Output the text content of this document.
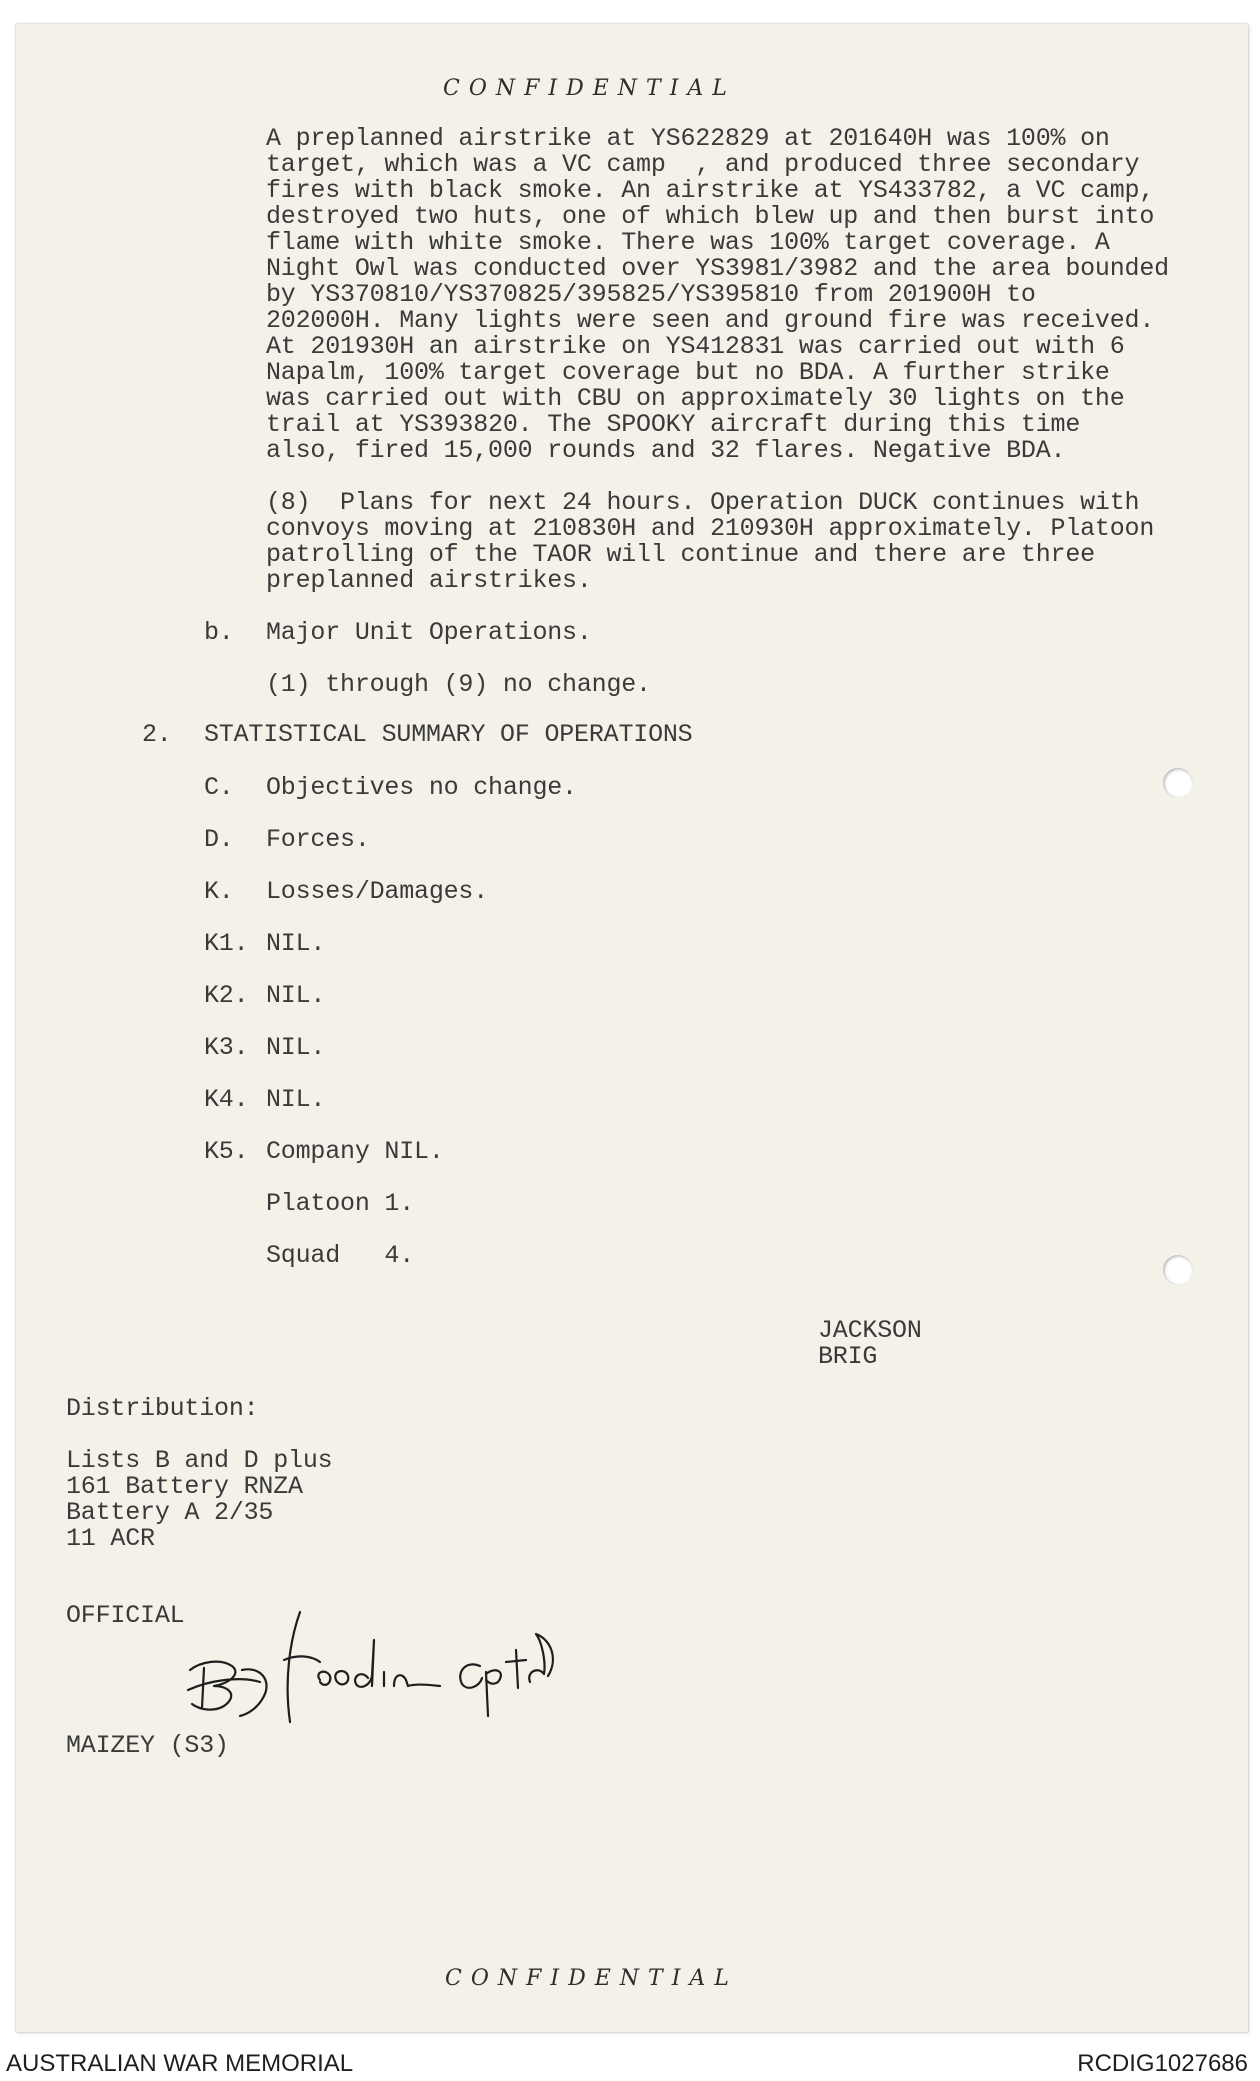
CONFIDENTIAL
CONFIDENTIAL
A preplanned airstrike at YS622829 at 201640H was 100% on
target, which was a VC camp  , and produced three secondary
fires with black smoke. An airstrike at YS433782, a VC camp,
destroyed two huts, one of which blew up and then burst into
flame with white smoke. There was 100% target coverage. A
Night Owl was conducted over YS3981/3982 and the area bounded
by YS370810/YS370825/395825/YS395810 from 201900H to
202000H. Many lights were seen and ground fire was received.
At 201930H an airstrike on YS412831 was carried out with 6
Napalm, 100% target coverage but no BDA. A further strike
was carried out with CBU on approximately 30 lights on the
trail at YS393820. The SPOOKY aircraft during this time
also, fired 15,000 rounds and 32 flares. Negative BDA.
(8)  Plans for next 24 hours. Operation DUCK continues with
convoys moving at 210830H and 210930H approximately. Platoon
patrolling of the TAOR will continue and there are three
preplanned airstrikes.
b. Major Unit Operations.
(1) through (9) no change.
2. STATISTICAL SUMMARY OF OPERATIONS
C. Objectives no change.
D. Forces.
K. Losses/Damages.
K1. NIL.
K2. NIL.
K3. NIL.
K4. NIL.
K5. Company NIL.
Platoon 1.
Squad   4.
JACKSON
BRIG
Distribution:
Lists B and D plus
161 Battery RNZA
Battery A 2/35
11 ACR
OFFICIAL
MAIZEY (S3)
AUSTRALIAN WAR MEMORIAL	RCDIG1027686
